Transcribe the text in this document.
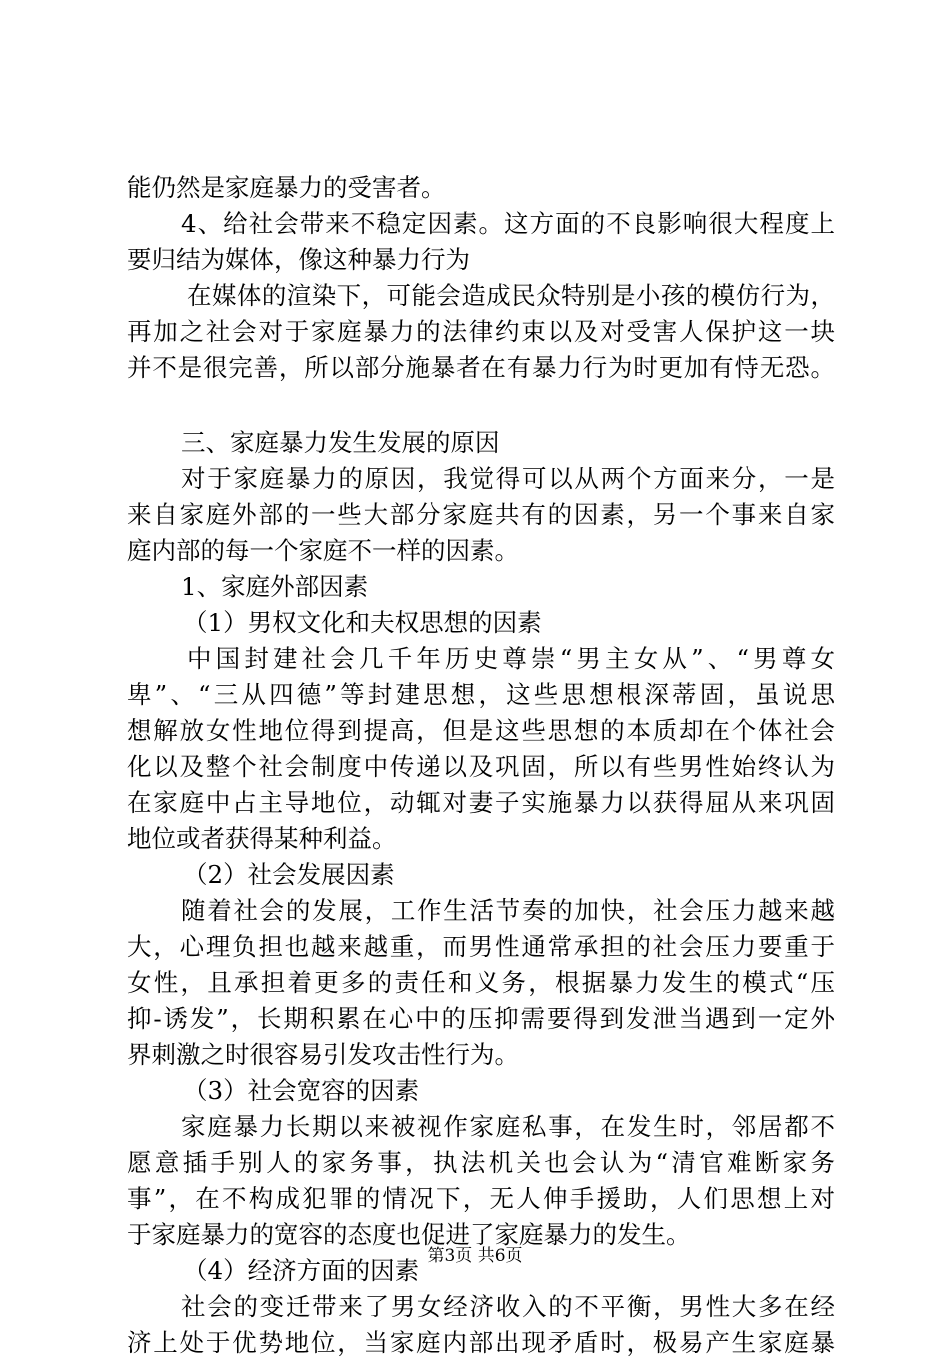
能仍然是家庭暴力的受害者。
4、给社会带来不稳定因素。这方面的不良影响很大程度上
要归结为媒体，像这种暴力行为
在媒体的渲染下，可能会造成民众特别是小孩的模仿行为，
再加之社会对于家庭暴力的法律约束以及对受害人保护这一块
并不是很完善，所以部分施暴者在有暴力行为时更加有恃无恐。
三、家庭暴力发生发展的原因
对于家庭暴力的原因，我觉得可以从两个方面来分，一是
来自家庭外部的一些大部分家庭共有的因素，另一个事来自家
庭内部的每一个家庭不一样的因素。
1、家庭外部因素
（1）男权文化和夫权思想的因素
中国封建社会几千年历史尊崇“男主女从”、“男尊女
卑”、“三从四德”等封建思想，这些思想根深蒂固，虽说思
想解放女性地位得到提高，但是这些思想的本质却在个体社会
化以及整个社会制度中传递以及巩固，所以有些男性始终认为
在家庭中占主导地位，动辄对妻子实施暴力以获得屈从来巩固
地位或者获得某种利益。
（2）社会发展因素
随着社会的发展，工作生活节奏的加快，社会压力越来越
大，心理负担也越来越重，而男性通常承担的社会压力要重于
女性，且承担着更多的责任和义务，根据暴力发生的模式“压
抑-诱发”，长期积累在心中的压抑需要得到发泄当遇到一定外
界刺激之时很容易引发攻击性行为。
（3）社会宽容的因素
家庭暴力长期以来被视作家庭私事，在发生时，邻居都不
愿意插手别人的家务事，执法机关也会认为“清官难断家务
事”，在不构成犯罪的情况下，无人伸手援助，人们思想上对
于家庭暴力的宽容的态度也促进了家庭暴力的发生。
（4）经济方面的因素
社会的变迁带来了男女经济收入的不平衡，男性大多在经
济上处于优势地位，当家庭内部出现矛盾时，极易产生家庭暴
第3页 共6页
